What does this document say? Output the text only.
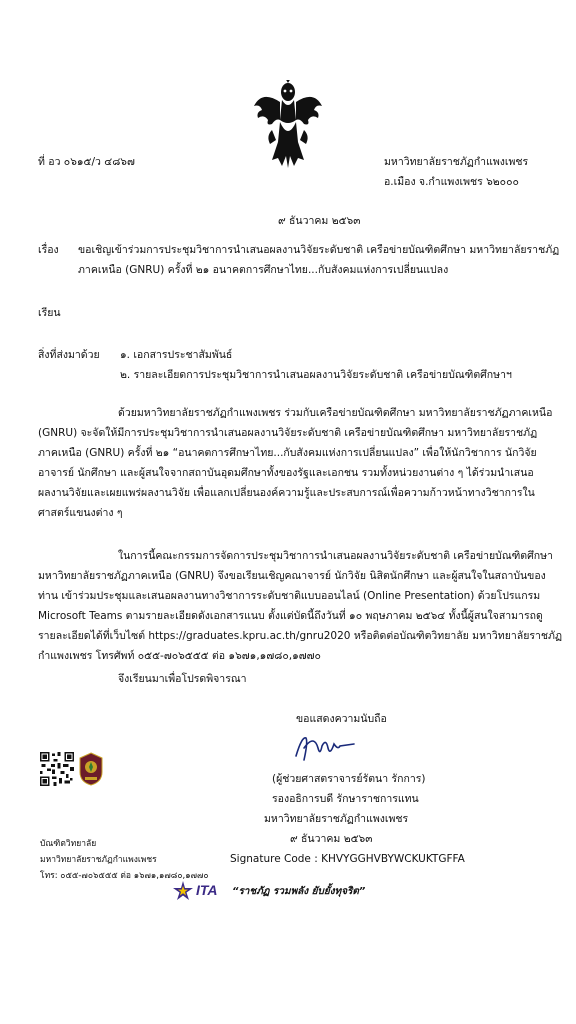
ที่ อว ๐๖๑๕/ว ๔๘๖๗	มหาวิทยาลัยราชภัฏกำแพงเพชร
อ.เมือง จ.กำแพงเพชร ๖๒๐๐๐
๙ ธันวาคม ๒๕๖๓
เรื่อง ขอเชิญเข้าร่วมการประชุมวิชาการนำเสนอผลงานวิจัยระดับชาติ เครือข่ายบัณฑิตศึกษา มหาวิทยาลัยราชภัฏ
ภาคเหนือ (GNRU) ครั้งที่ ๒๑ อนาคตการศึกษาไทย...กับสังคมแห่งการเปลี่ยนแปลง
เรียน
สิ่งที่ส่งมาด้วย ๑. เอกสารประชาสัมพันธ์
๒. รายละเอียดการประชุมวิชาการนำเสนอผลงานวิจัยระดับชาติ เครือข่ายบัณฑิตศึกษาฯ
ด้วยมหาวิทยาลัยราชภัฏกำแพงเพชร ร่วมกับเครือข่ายบัณฑิตศึกษา มหาวิทยาลัยราชภัฏภาคเหนือ
(GNRU) จะจัดให้มีการประชุมวิชาการนำเสนอผลงานวิจัยระดับชาติ เครือข่ายบัณฑิตศึกษา มหาวิทยาลัยราชภัฏ
ภาคเหนือ (GNRU) ครั้งที่ ๒๑ “อนาคตการศึกษาไทย...กับสังคมแห่งการเปลี่ยนแปลง” เพื่อให้นักวิชาการ นักวิจัย
อาจารย์ นักศึกษา และผู้สนใจจากสถาบันอุดมศึกษาทั้งของรัฐและเอกชน รวมทั้งหน่วยงานต่าง ๆ ได้ร่วมนำเสนอ
ผลงานวิจัยและเผยแพร่ผลงานวิจัย เพื่อแลกเปลี่ยนองค์ความรู้และประสบการณ์เพื่อความก้าวหน้าทางวิชาการใน
ศาสตร์แขนงต่าง ๆ
ในการนี้คณะกรรมการจัดการประชุมวิชาการนำเสนอผลงานวิจัยระดับชาติ เครือข่ายบัณฑิตศึกษา
มหาวิทยาลัยราชภัฏภาคเหนือ (GNRU) จึงขอเรียนเชิญคณาจารย์ นักวิจัย นิสิตนักศึกษา และผู้สนใจในสถาบันของ
ท่าน เข้าร่วมประชุมและเสนอผลงานทางวิชาการระดับชาติแบบออนไลน์ (Online Presentation) ด้วยโปรแกรม
Microsoft Teams ตามรายละเอียดดังเอกสารแนบ ตั้งแต่บัดนี้ถึงวันที่ ๑๐ พฤษภาคม ๒๕๖๔ ทั้งนี้ผู้สนใจสามารถดู
รายละเอียดได้ที่เว็บไซต์ https://graduates.kpru.ac.th/gnru2020 หรือติดต่อบัณฑิตวิทยาลัย มหาวิทยาลัยราชภัฏ
กำแพงเพชร โทรศัพท์ ๐๕๕-๗๐๖๕๕๕ ต่อ ๑๖๗๑,๑๗๘๐,๑๗๗๐
จึงเรียนมาเพื่อโปรดพิจารณา
ขอแสดงความนับถือ
(ผู้ช่วยศาสตราจารย์รัตนา รักการ)
รองอธิการบดี รักษาราชการแทน
มหาวิทยาลัยราชภัฏกำแพงเพชร
๙ ธันวาคม ๒๕๖๓
Signature Code : KHVYGGHVBYWCKUKTGFFA
บัณฑิตวิทยาลัย
มหาวิทยาลัยราชภัฏกำแพงเพชร
โทร: ๐๕๕-๗๐๖๕๕๕ ต่อ ๑๖๗๑,๑๗๘๐,๑๗๗๐
ITA “ราชภัฏ รวมพลัง ยับยั้งทุจริต”
